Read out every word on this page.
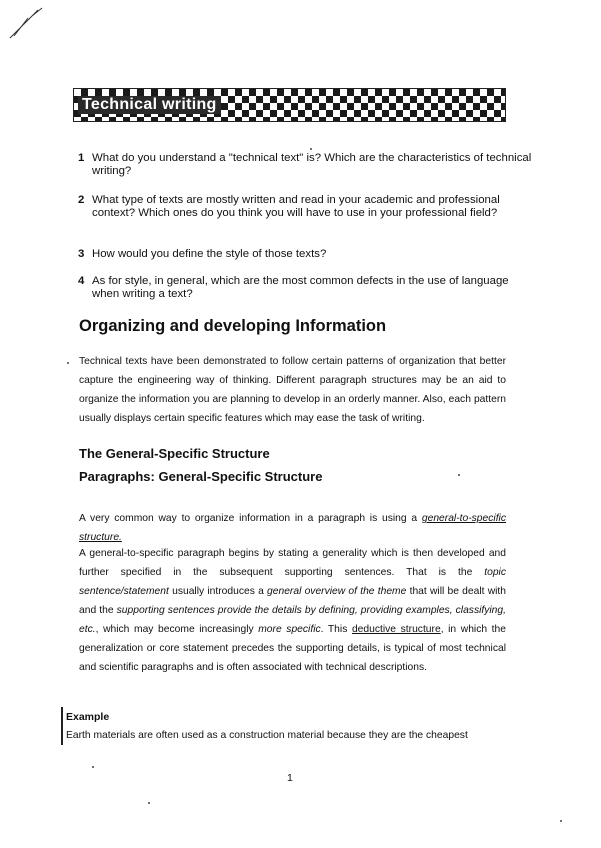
Technical writing
1 What do you understand a "technical text" is? Which are the characteristics of technical writing?
2 What type of texts are mostly written and read in your academic and professional context? Which ones do you think you will have to use in your professional field?
3 How would you define the style of those texts?
4 As for style, in general, which are the most common defects in the use of language when writing a text?
Organizing and developing Information
Technical texts have been demonstrated to follow certain patterns of organization that better capture the engineering way of thinking. Different paragraph structures may be an aid to organize the information you are planning to develop in an orderly manner. Also, each pattern usually displays certain specific features which may ease the task of writing.
The General-Specific Structure
Paragraphs: General-Specific Structure
A very common way to organize information in a paragraph is using a general-to-specific structure.
A general-to-specific paragraph begins by stating a generality which is then developed and further specified in the subsequent supporting sentences. That is the topic sentence/statement usually introduces a general overview of the theme that will be dealt with and the supporting sentences provide the details by defining, providing examples, classifying, etc., which may become increasingly more specific. This deductive structure, in which the generalization or core statement precedes the supporting details, is typical of most technical and scientific paragraphs and is often associated with technical descriptions.
Example
Earth materials are often used as a construction material because they are the cheapest
1
